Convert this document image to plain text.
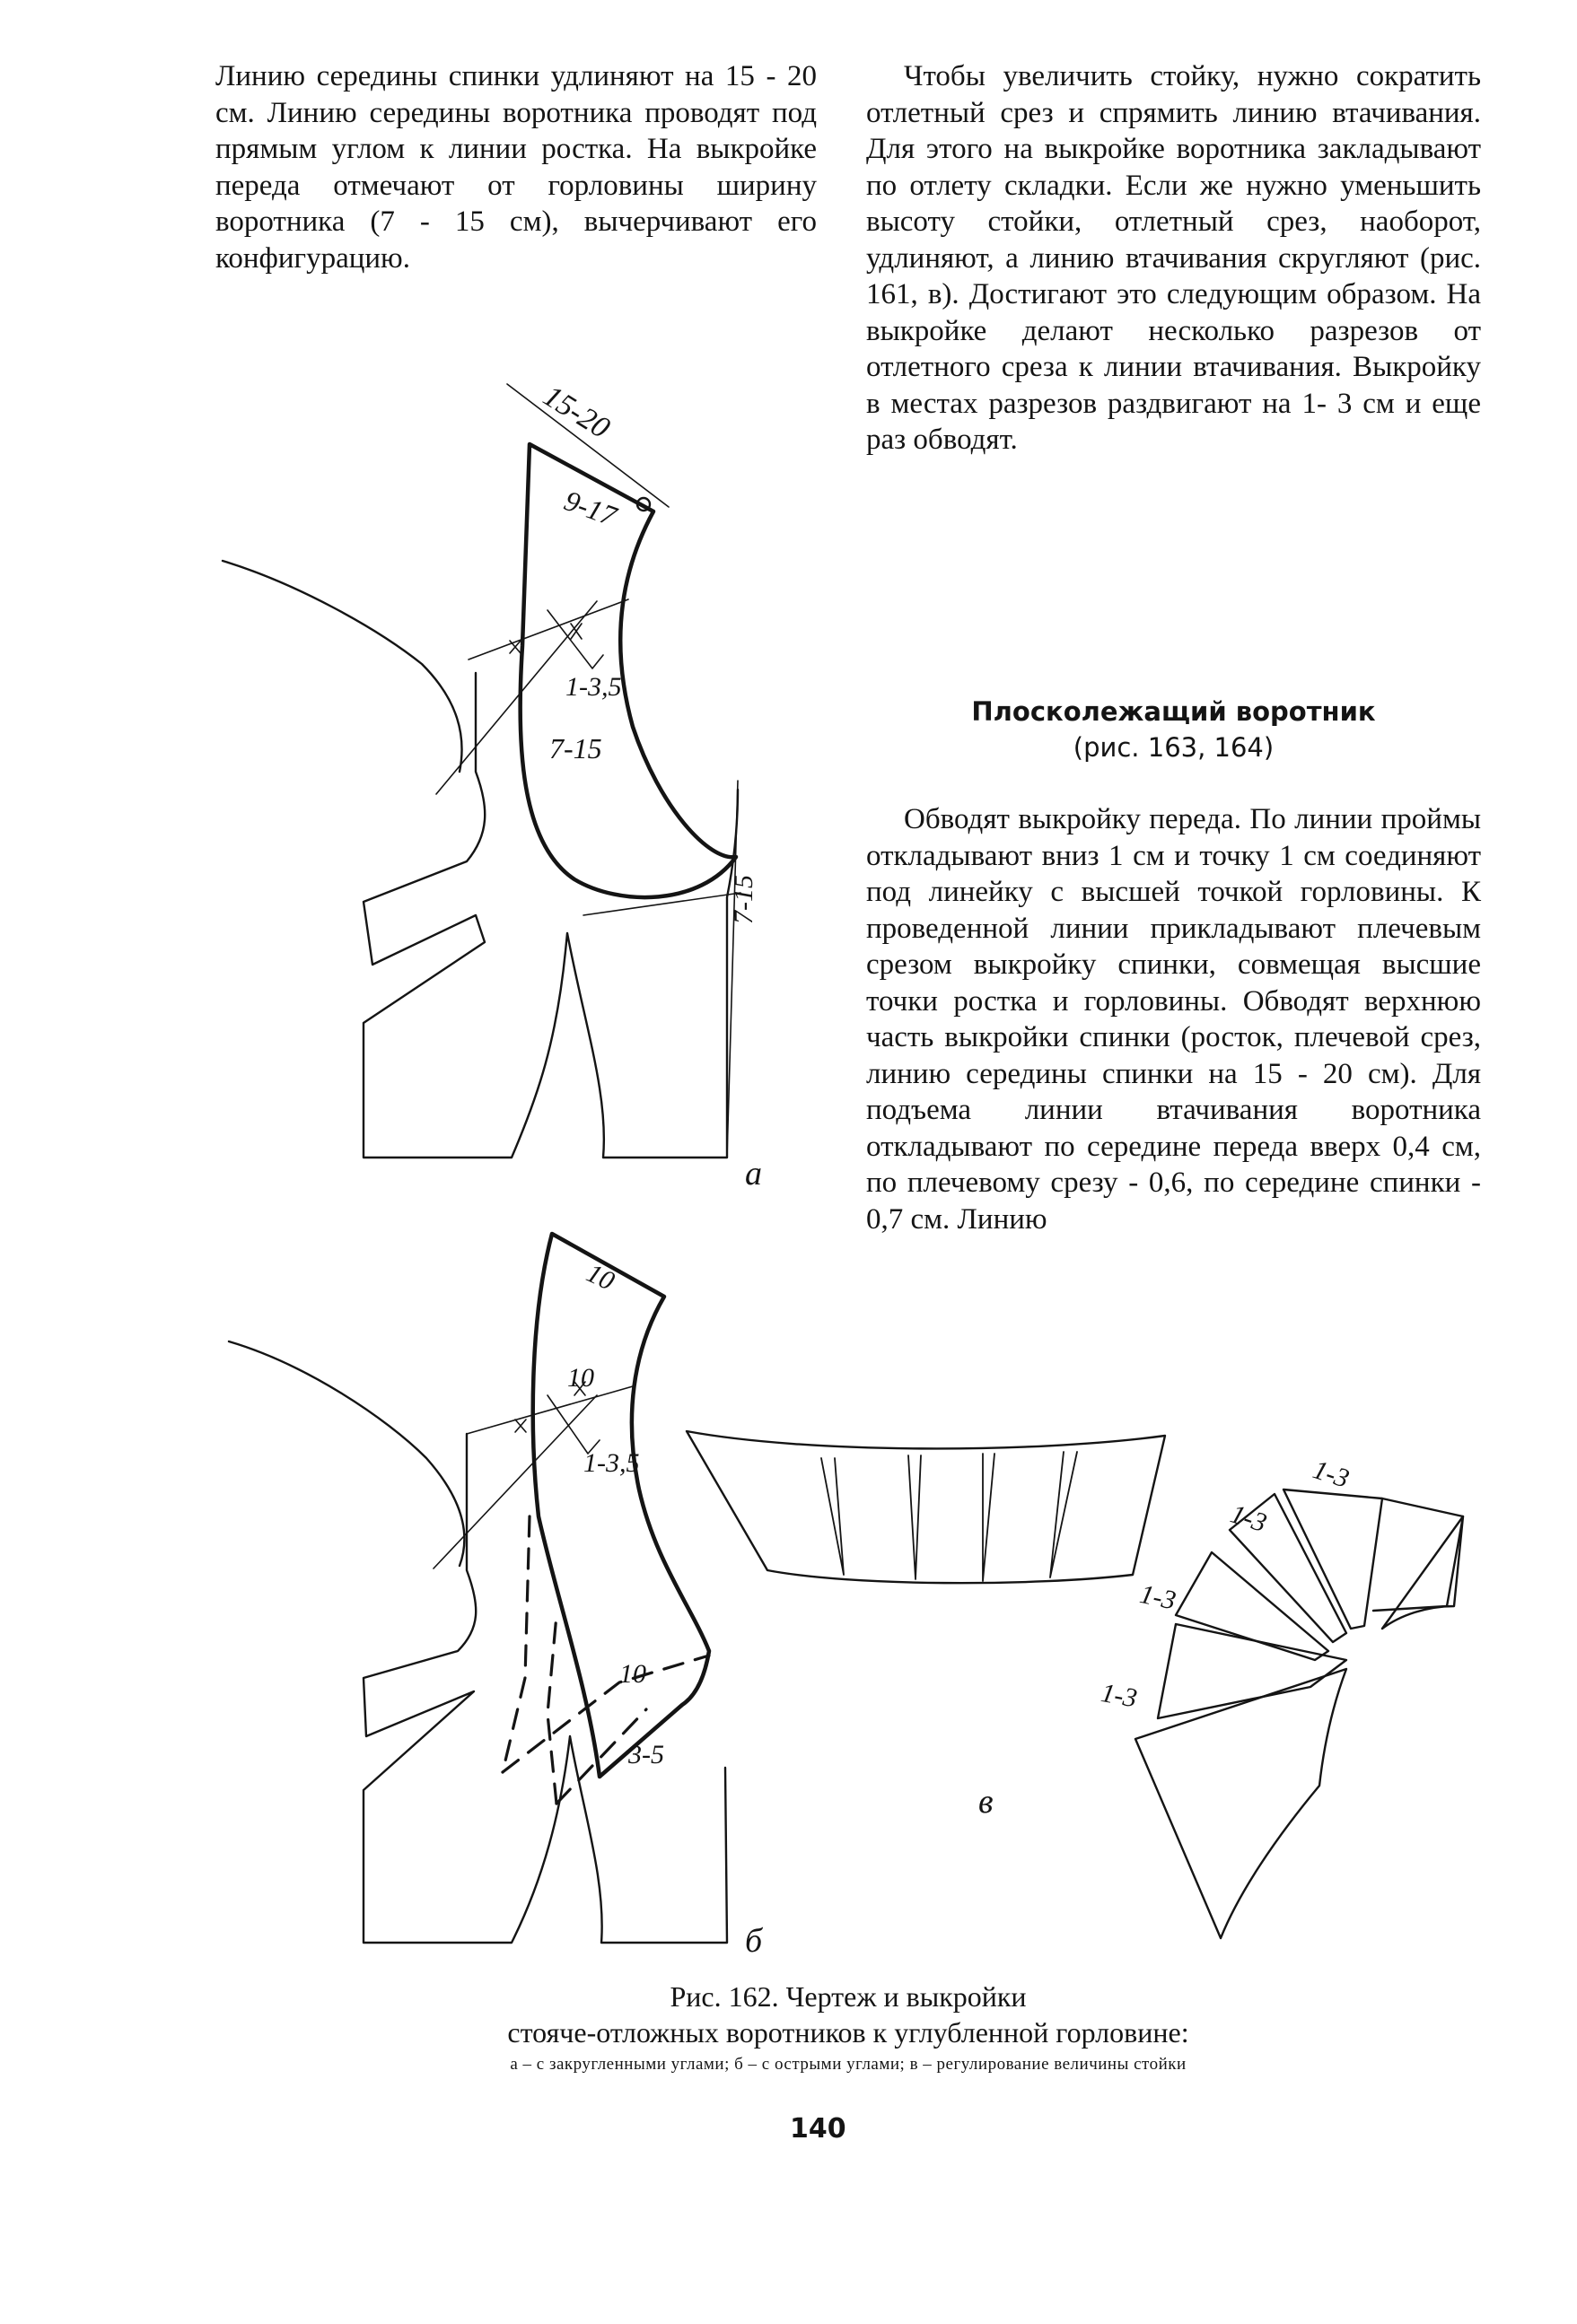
Линию середины спинки удлиняют на 15 - 20 см. Линию середины воротника проводят под прямым углом к линии ростка. На выкройке переда отмечают от горловины ширину воротника (7 - 15 см), вычерчивают его конфигурацию.

Чтобы увеличить стойку, нужно сократить отлетный срез и спрямить линию втачивания. Для этого на выкройке воротника закладывают по отлету складки. Если же нужно уменьшить высоту стойки, отлетный срез, наоборот, удлиняют, а линию втачивания скругляют (рис. 161, в). Достигают это следующим образом. На выкройке делают несколько разрезов от отлетного среза к линии втачивания. Выкройку в местах разрезов раздвигают на 1- 3 см и еще раз обводят.

Плосколежащий воротник
(рис. 163, 164)

Обводят выкройку переда. По линии проймы откладывают вниз 1 см и точку 1 см соединяют под линейку с высшей точкой горловины. К проведенной линии прикладывают плечевым срезом выкройку спинки, совмещая высшие точки ростка и горловины. Обводят верхнюю часть выкройки спинки (росток, плечевой срез, линию середины спинки на 15 - 20 см). Для подъема линии втачивания воротника откладывают по середине переда вверх 0,4 см, по плечевому срезу - 0,6, по середине спинки - 0,7 см. Линию

15-20
9-17
1-3,5
7-15
7-15
а
10
10
1-3,5
10
3-5
б
1-3
1-3
1-3
1-3
в
Рис. 162. Чертеж и выкройки
стояче-отложных воротников к углубленной горловине:
а – с закругленными углами; б – с острыми углами; в – регулирование величины стойки
140
